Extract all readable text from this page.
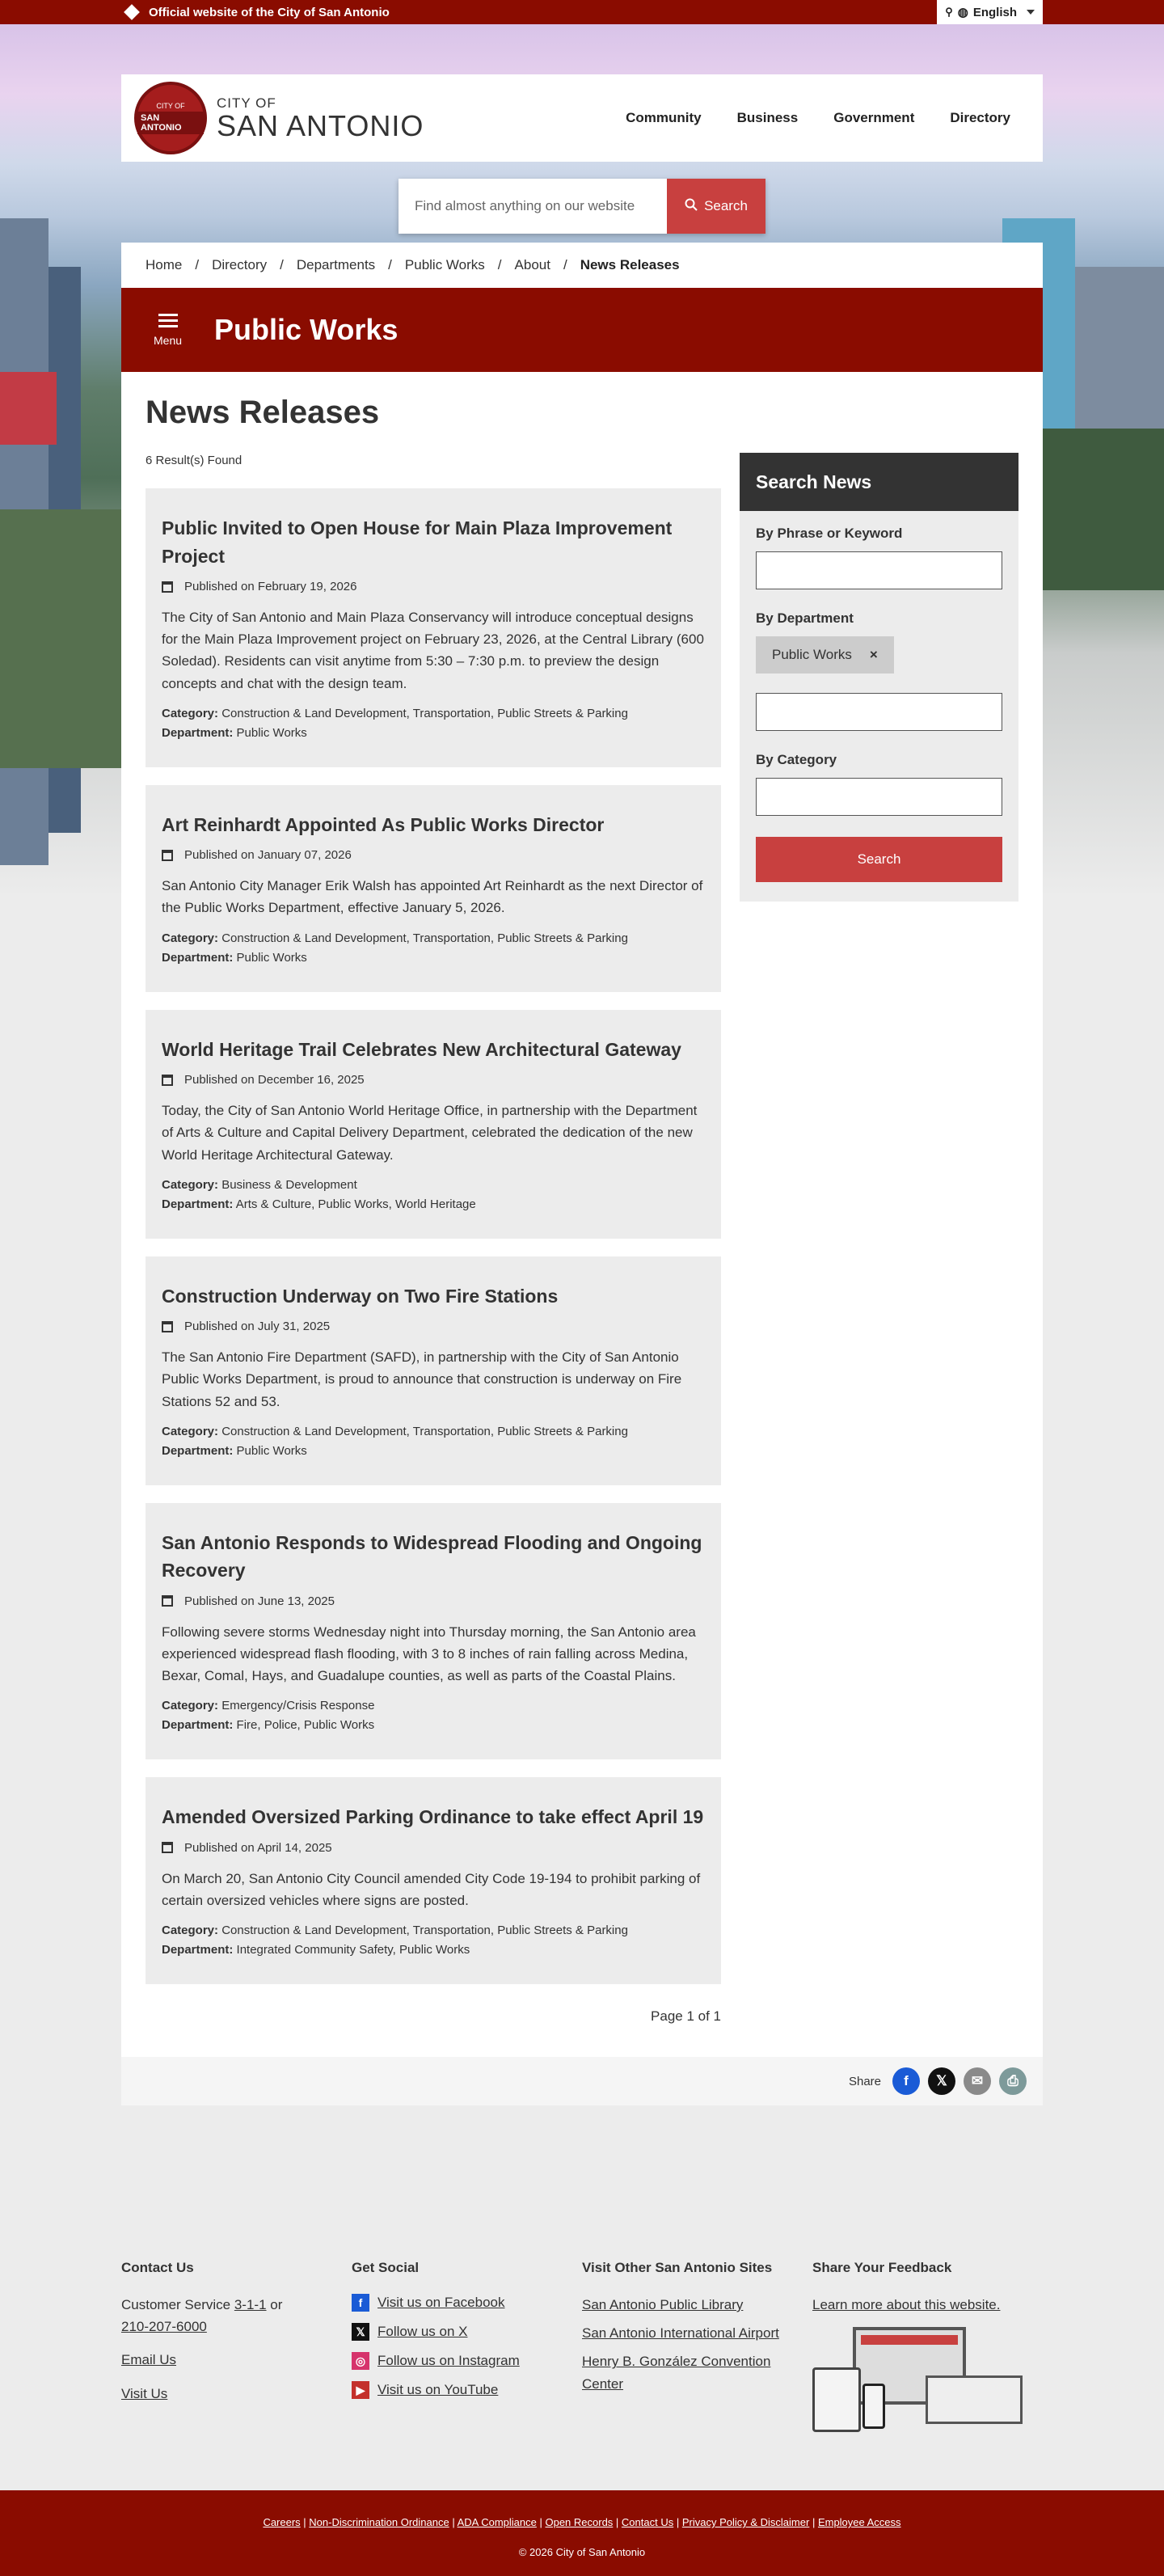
Official website of the City of San Antonio	⚲ ◍ English
CITY OF
SAN ANTONIO
CITY OF
SAN ANTONIO	Community	Business	Government	Directory
Find almost anything on our website
Search
Home / Directory / Departments / Public Works / About / News Releases
Menu Public Works
News Releases
6 Result(s) Found
Public Invited to Open House for Main Plaza Improvement Project
Published on February 19, 2026

The City of San Antonio and Main Plaza Conservancy will introduce conceptual designs for the Main Plaza Improvement project on February 23, 2026, at the Central Library (600 Soledad). Residents can visit anytime from 5:30 – 7:30 p.m. to preview the design concepts and chat with the design team.

Category: Construction & Land Development, Transportation, Public Streets & Parking
Department: Public Works
Art Reinhardt Appointed As Public Works Director
Published on January 07, 2026

San Antonio City Manager Erik Walsh has appointed Art Reinhardt as the next Director of the Public Works Department, effective January 5, 2026.

Category: Construction & Land Development, Transportation, Public Streets & Parking
Department: Public Works
World Heritage Trail Celebrates New Architectural Gateway
Published on December 16, 2025

Today, the City of San Antonio World Heritage Office, in partnership with the Department of Arts & Culture and Capital Delivery Department, celebrated the dedication of the new World Heritage Architectural Gateway.

Category: Business & Development
Department: Arts & Culture, Public Works, World Heritage
Construction Underway on Two Fire Stations
Published on July 31, 2025

The San Antonio Fire Department (SAFD), in partnership with the City of San Antonio Public Works Department, is proud to announce that construction is underway on Fire Stations 52 and 53.

Category: Construction & Land Development, Transportation, Public Streets & Parking
Department: Public Works
San Antonio Responds to Widespread Flooding and Ongoing Recovery
Published on June 13, 2025

Following severe storms Wednesday night into Thursday morning, the San Antonio area experienced widespread flash flooding, with 3 to 8 inches of rain falling across Medina, Bexar, Comal, Hays, and Guadalupe counties, as well as parts of the Coastal Plains.

Category: Emergency/Crisis Response
Department: Fire, Police, Public Works
Amended Oversized Parking Ordinance to take effect April 19
Published on April 14, 2025

On March 20, San Antonio City Council amended City Code 19-194 to prohibit parking of certain oversized vehicles where signs are posted.

Category: Construction & Land Development, Transportation, Public Streets & Parking
Department: Integrated Community Safety, Public Works
Page 1 of 1
Search News
By Phrase or Keyword
By Department
Public Works ×
By Category
Search
Share	f	𝕏	✉	⎙
Contact Us
Customer Service 3-1-1 or
210-207-6000
Email Us
Visit Us
Get Social
f	Visit us on Facebook
𝕏 Follow us on X
◎ Follow us on Instagram
▶ Visit us on YouTube
Visit Other San Antonio Sites
San Antonio Public Library
San Antonio International Airport
Henry B. González Convention Center
Share Your Feedback
Learn more about this website.
Careers | Non-Discrimination Ordinance | ADA Compliance | Open Records | Contact Us | Privacy Policy & Disclaimer | Employee Access
© 2026 City of San Antonio
